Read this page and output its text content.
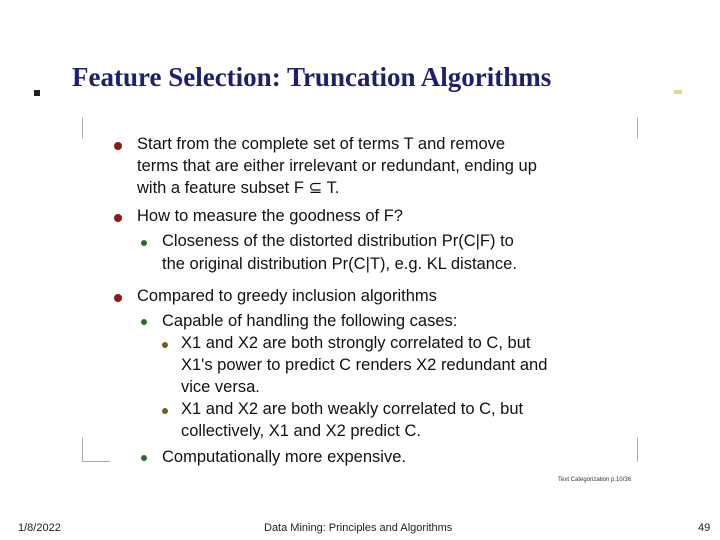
Feature Selection: Truncation Algorithms
Start from the complete set of terms T and remove
terms that are either irrelevant or redundant, ending up
with a feature subset F ⊆ T.
How to measure the goodness of F?
Closeness of the distorted distribution Pr(C|F) to
the original distribution Pr(C|T), e.g. KL distance.
Compared to greedy inclusion algorithms
Capable of handling the following cases:
X1 and X2 are both strongly correlated to C, but
X1's power to predict C renders X2 redundant and
vice versa.
X1 and X2 are both weakly correlated to C, but
collectively, X1 and X2 predict C.
Computationally more expensive.
Text Categorization p.10/36
1/8/2022	Data Mining: Principles and Algorithms	49
